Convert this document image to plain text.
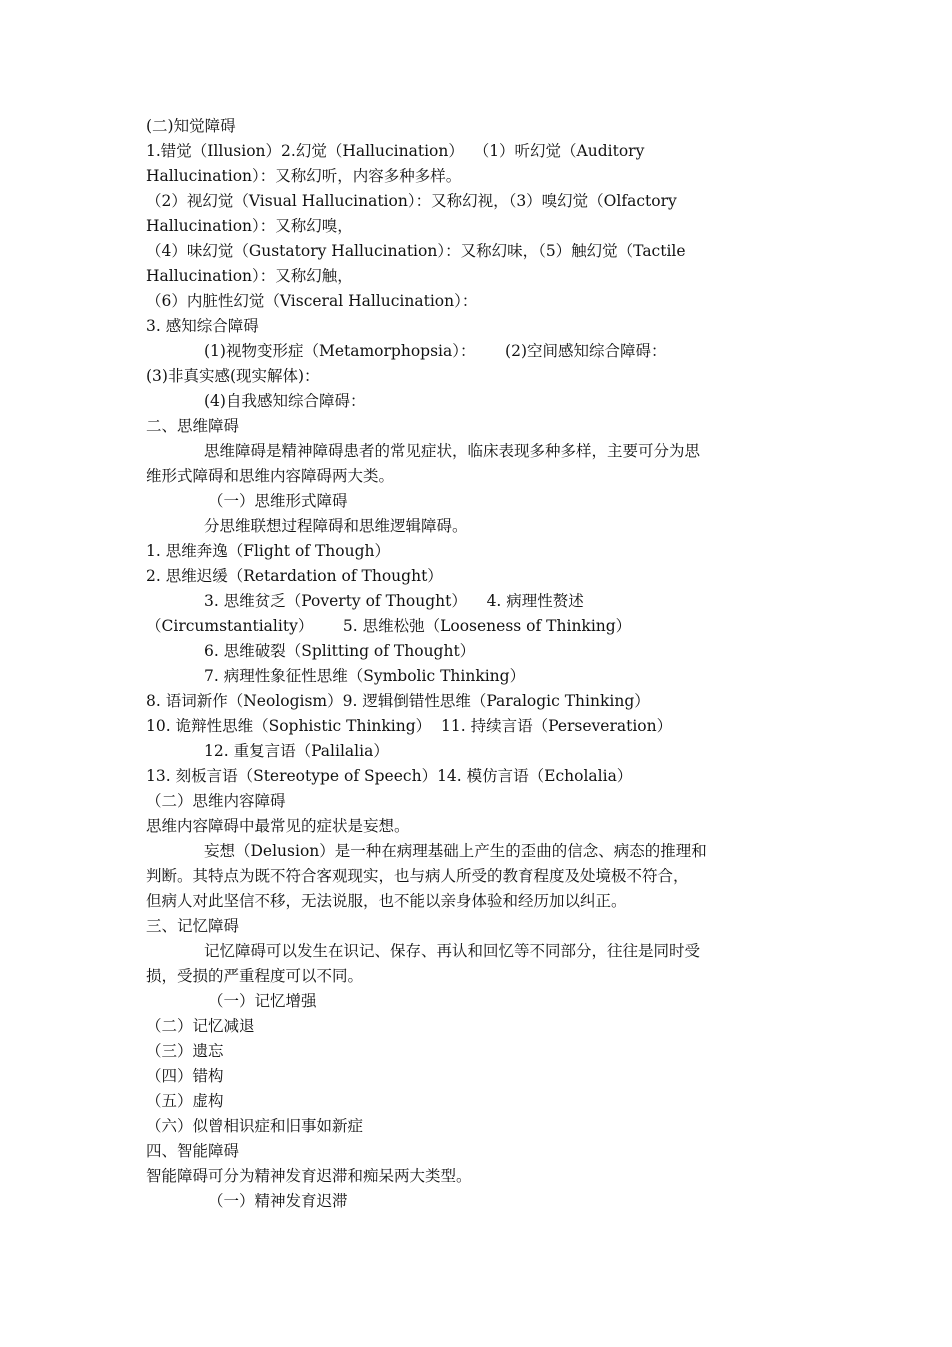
(二)知觉障碍
1.错觉（Illusion）2.幻觉（Hallucination）  （1）听幻觉（Auditory
Hallucination）：又称幻听，内容多种多样。
（2）视幻觉（Visual Hallucination）：又称幻视，（3）嗅幻觉（Olfactory
Hallucination）：又称幻嗅，
（4）味幻觉（Gustatory Hallucination）：又称幻味，（5）触幻觉（Tactile
Hallucination）：又称幻触，
（6）内脏性幻觉（Visceral Hallucination）：
3. 感知综合障碍
(1)视物变形症（Metamorphopsia）：      (2)空间感知综合障碍：
(3)非真实感(现实解体)：
(4)自我感知综合障碍：
二、思维障碍
思维障碍是精神障碍患者的常见症状，临床表现多种多样，主要可分为思
维形式障碍和思维内容障碍两大类。
（一）思维形式障碍
分思维联想过程障碍和思维逻辑障碍。
1. 思维奔逸（Flight of Though）
2. 思维迟缓（Retardation of Thought）
3. 思维贫乏（Poverty of Thought）    4. 病理性赘述
（Circumstantiality）      5. 思维松弛（Looseness of Thinking）
6. 思维破裂（Splitting of Thought）
7. 病理性象征性思维（Symbolic Thinking）
8. 语词新作（Neologism）9. 逻辑倒错性思维（Paralogic Thinking）
10. 诡辩性思维（Sophistic Thinking）  11. 持续言语（Perseveration）
12. 重复言语（Palilalia）
13. 刻板言语（Stereotype of Speech）14. 模仿言语（Echolalia）
（二）思维内容障碍
思维内容障碍中最常见的症状是妄想。
妄想（Delusion）是一种在病理基础上产生的歪曲的信念、病态的推理和
判断。其特点为既不符合客观现实，也与病人所受的教育程度及处境极不符合，
但病人对此坚信不移，无法说服，也不能以亲身体验和经历加以纠正。
三、记忆障碍
记忆障碍可以发生在识记、保存、再认和回忆等不同部分，往往是同时受
损，受损的严重程度可以不同。
（一）记忆增强
（二）记忆减退
（三）遗忘
（四）错构
（五）虚构
（六）似曾相识症和旧事如新症
四、智能障碍
智能障碍可分为精神发育迟滞和痴呆两大类型。
（一）精神发育迟滞
